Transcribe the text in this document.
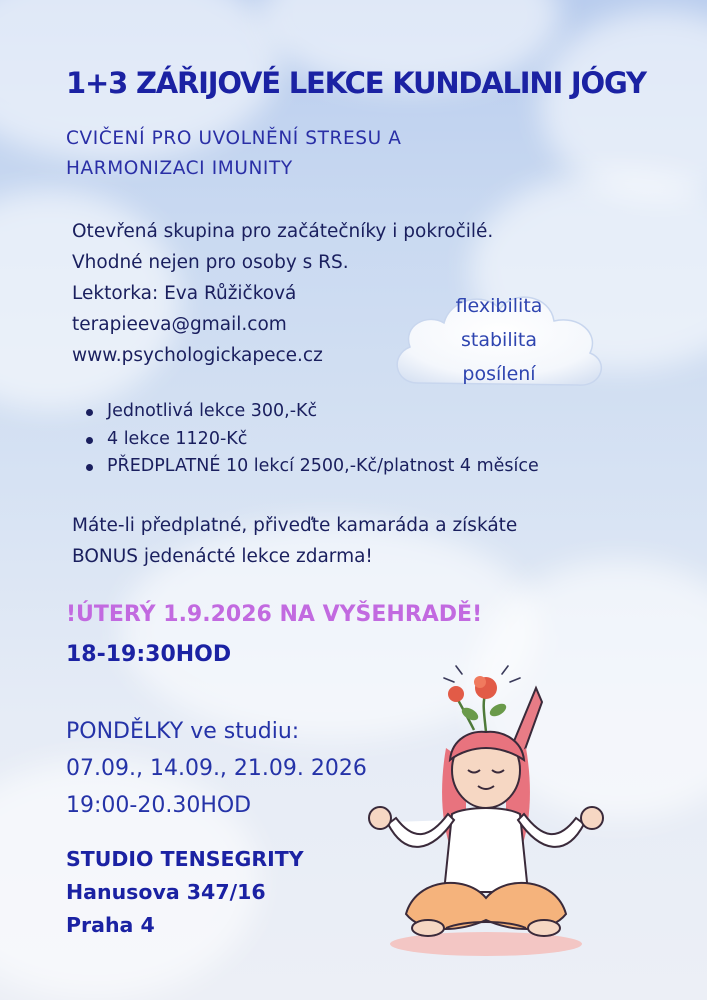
1+3 ZÁŘIJOVÉ LEKCE KUNDALINI JÓGY
CVIČENÍ PRO UVOLNĚNÍ STRESU A HARMONIZACI IMUNITY
Otevřená skupina pro začátečníky i pokročilé.
Vhodné nejen pro osoby s RS.
Lektorka: Eva Růžičková
terapieeva@gmail.com
www.psychologickapece.cz
flexibilita
stabilita
posílení
Jednotlivá lekce 300,-Kč
4 lekce 1120-Kč
PŘEDPLATNÉ 10 lekcí 2500,-Kč/platnost 4 měsíce
Máte-li předplatné, přiveďte kamaráda a získáte BONUS jedenácté lekce zdarma!
!ÚTERÝ 1.9.2026 NA VYŠEHRADĚ!
18-19:30HOD
PONDĚLKY ve studiu:
07.09., 14.09., 21.09. 2026
19:00-20.30HOD
STUDIO TENSEGRITY
Hanusova 347/16
Praha 4
